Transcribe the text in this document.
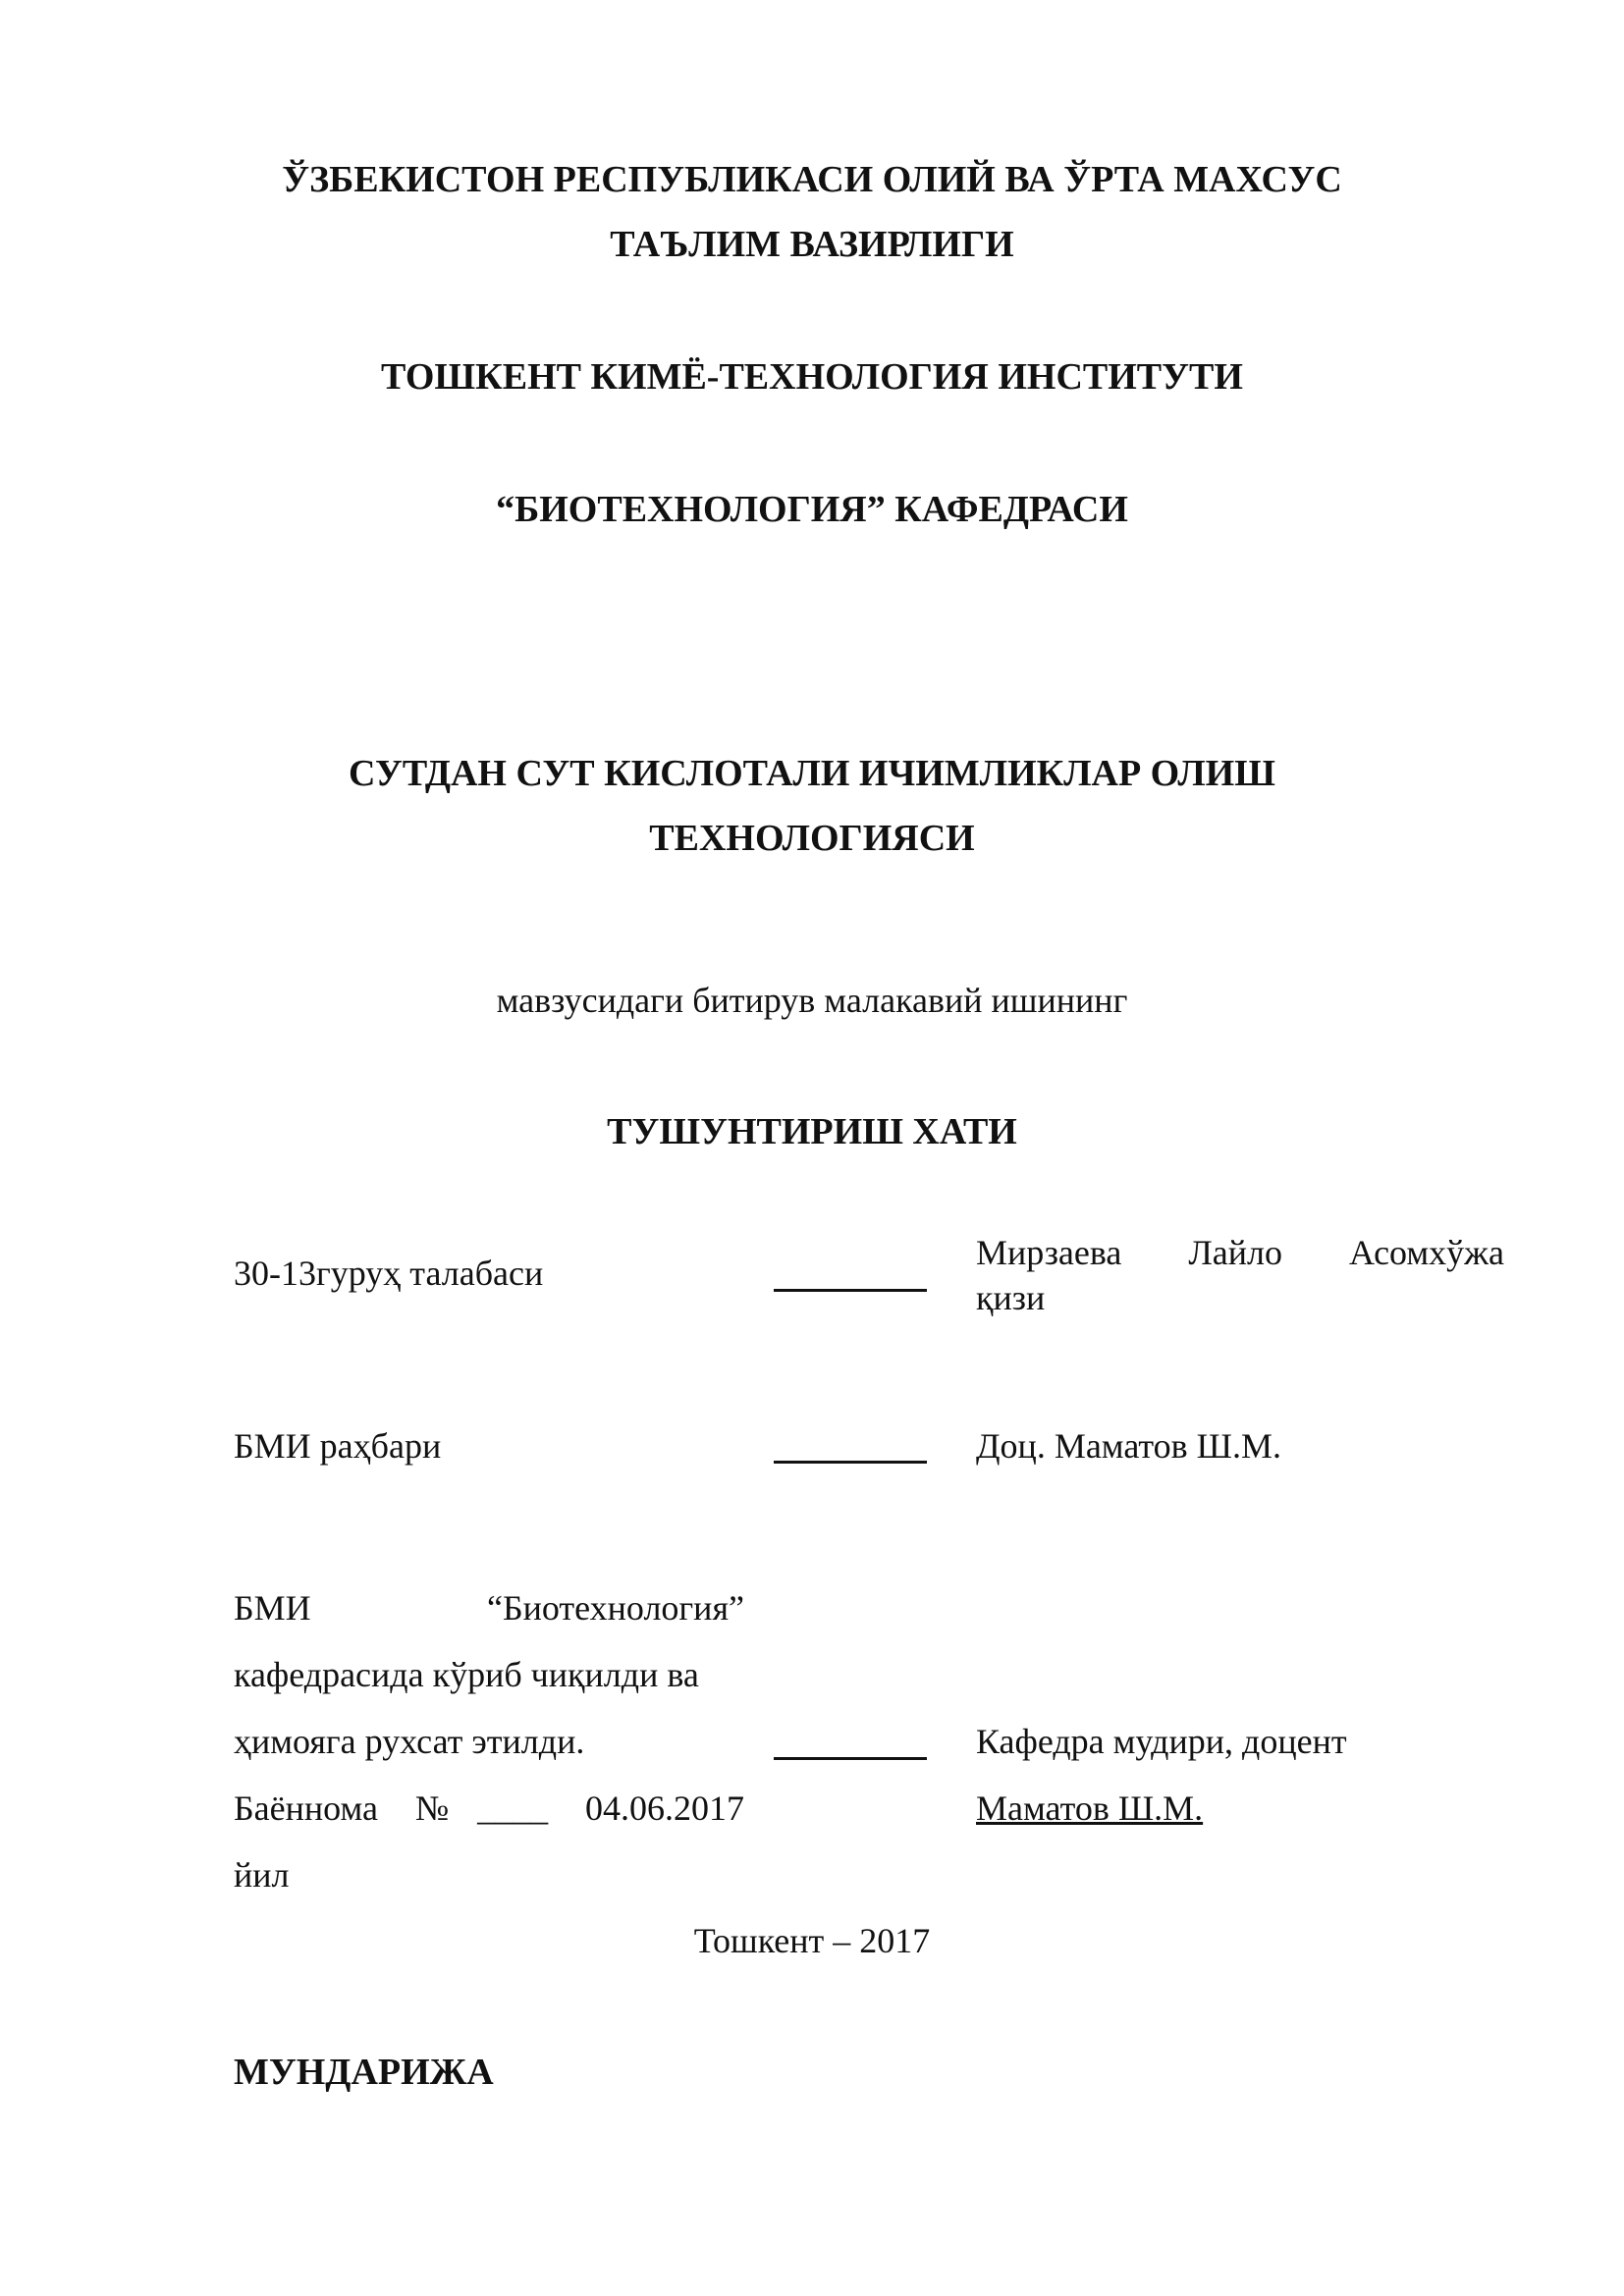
ЎЗБЕКИСТОН РЕСПУБЛИКАСИ ОЛИЙ ВА ЎРТА МАХСУС
ТАЪЛИМ ВАЗИРЛИГИ
ТОШКЕНТ КИМЁ-ТЕХНОЛОГИЯ ИНСТИТУТИ
“БИОТЕХНОЛОГИЯ” КАФЕДРАСИ
СУТДАН СУТ КИСЛОТАЛИ ИЧИМЛИКЛАР ОЛИШ
ТЕХНОЛОГИЯСИ
мавзусидаги битирув малакавий ишининг
ТУШУНТИРИШ ХАТИ
30-13гуруҳ талабаси
Мирзаева Лайло Асомхўжа
қизи
БМИ раҳбари	Доц. Маматов Ш.М.
БМИ	“Биотехнология”
кафедрасида кўриб чиқилди ва
ҳимояга рухсат этилди.
Баённома №____ 04.06.2017
йил
Кафедра мудири, доцент
Маматов Ш.М.
Тошкент – 2017
МУНДАРИЖА
